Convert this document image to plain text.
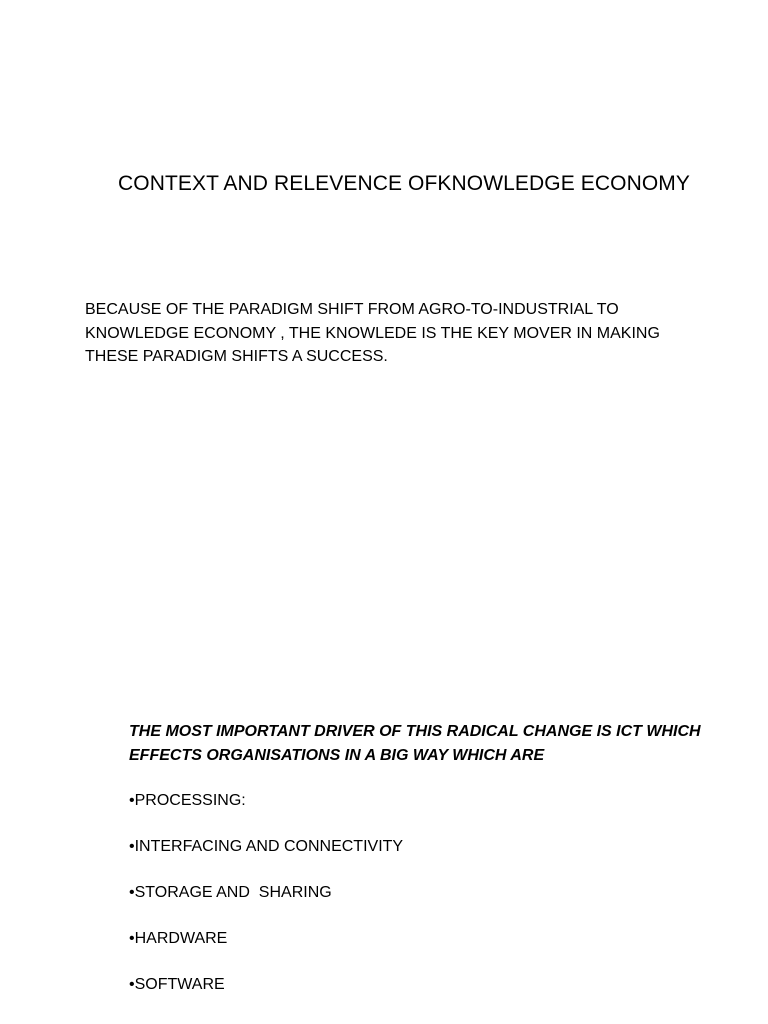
CONTEXT AND RELEVENCE OFKNOWLEDGE ECONOMY

BECAUSE OF THE PARADIGM SHIFT FROM AGRO-TO-INDUSTRIAL TO KNOWLEDGE ECONOMY , THE KNOWLEDE IS THE KEY MOVER IN MAKING THESE PARADIGM SHIFTS A SUCCESS.

THE MOST IMPORTANT DRIVER OF THIS RADICAL CHANGE IS ICT WHICH EFFECTS ORGANISATIONS IN A BIG WAY WHICH ARE

•PROCESSING:
•INTERFACING AND CONNECTIVITY
•STORAGE AND  SHARING
•HARDWARE
•SOFTWARE
